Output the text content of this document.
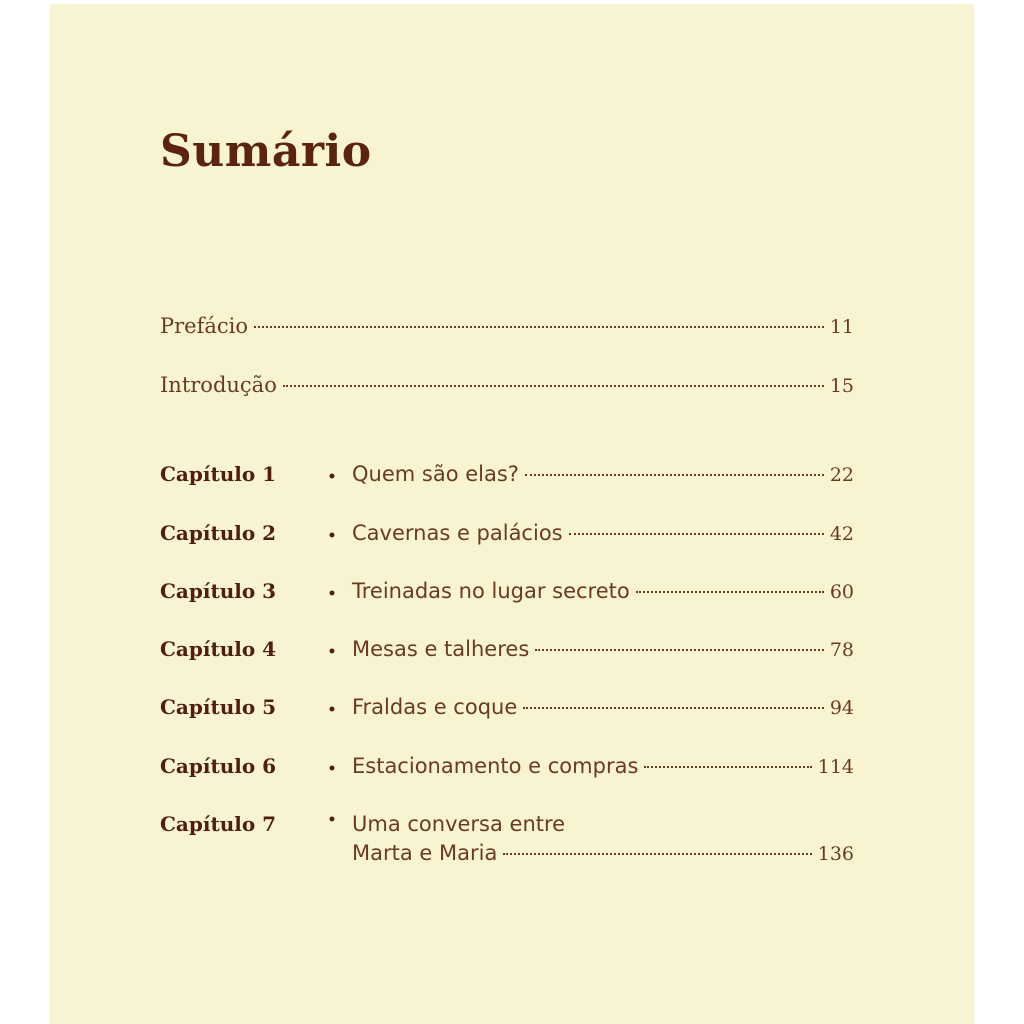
Sumário
Prefácio	11
Introdução	15
Capítulo 1	• Quem são elas?	22
Capítulo 2	• Cavernas e palácios	42
Capítulo 3	• Treinadas no lugar secreto	60
Capítulo 4	• Mesas e talheres	78
Capítulo 5	• Fraldas e coque	94
Capítulo 6	• Estacionamento e compras	114
Capítulo 7	• Uma conversa entre
Marta e Maria	136
